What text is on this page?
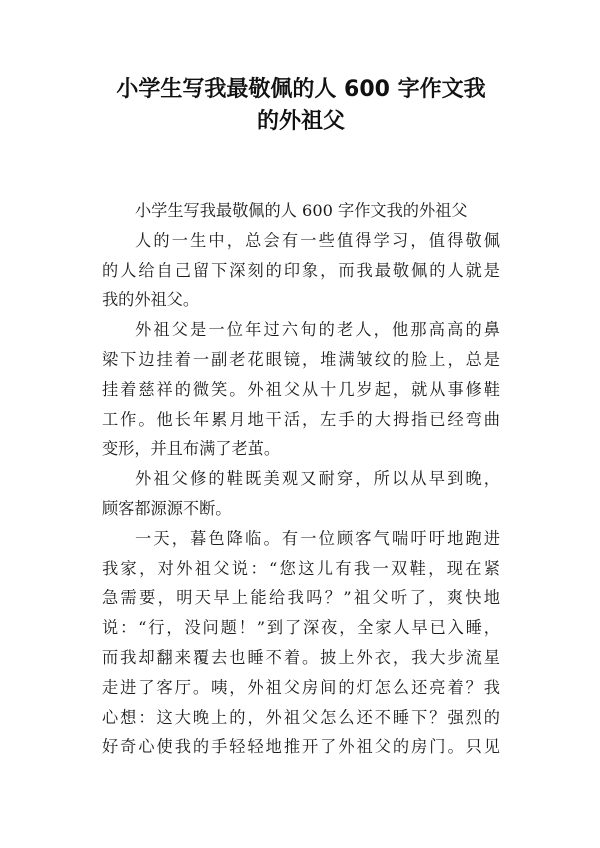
小学生写我最敬佩的人 600 字作文我
的外祖父

小学生写我最敬佩的人 600 字作文我的外祖父

人的一生中，总会有一些值得学习，值得敬佩
的人给自己留下深刻的印象，而我最敬佩的人就是
我的外祖父。

外祖父是一位年过六旬的老人，他那高高的鼻
梁下边挂着一副老花眼镜，堆满皱纹的脸上，总是
挂着慈祥的微笑。外祖父从十几岁起，就从事修鞋
工作。他长年累月地干活，左手的大拇指已经弯曲
变形，并且布满了老茧。

外祖父修的鞋既美观又耐穿，所以从早到晚，
顾客都源源不断。

一天，暮色降临。有一位顾客气喘吁吁地跑进
我家，对外祖父说：“您这儿有我一双鞋，现在紧
急需要，明天早上能给我吗？”祖父听了，爽快地
说：“行，没问题！”到了深夜，全家人早已入睡，
而我却翻来覆去也睡不着。披上外衣，我大步流星
走进了客厅。咦，外祖父房间的灯怎么还亮着？我
心想：这大晚上的，外祖父怎么还不睡下？强烈的
好奇心使我的手轻轻地推开了外祖父的房门。只见
